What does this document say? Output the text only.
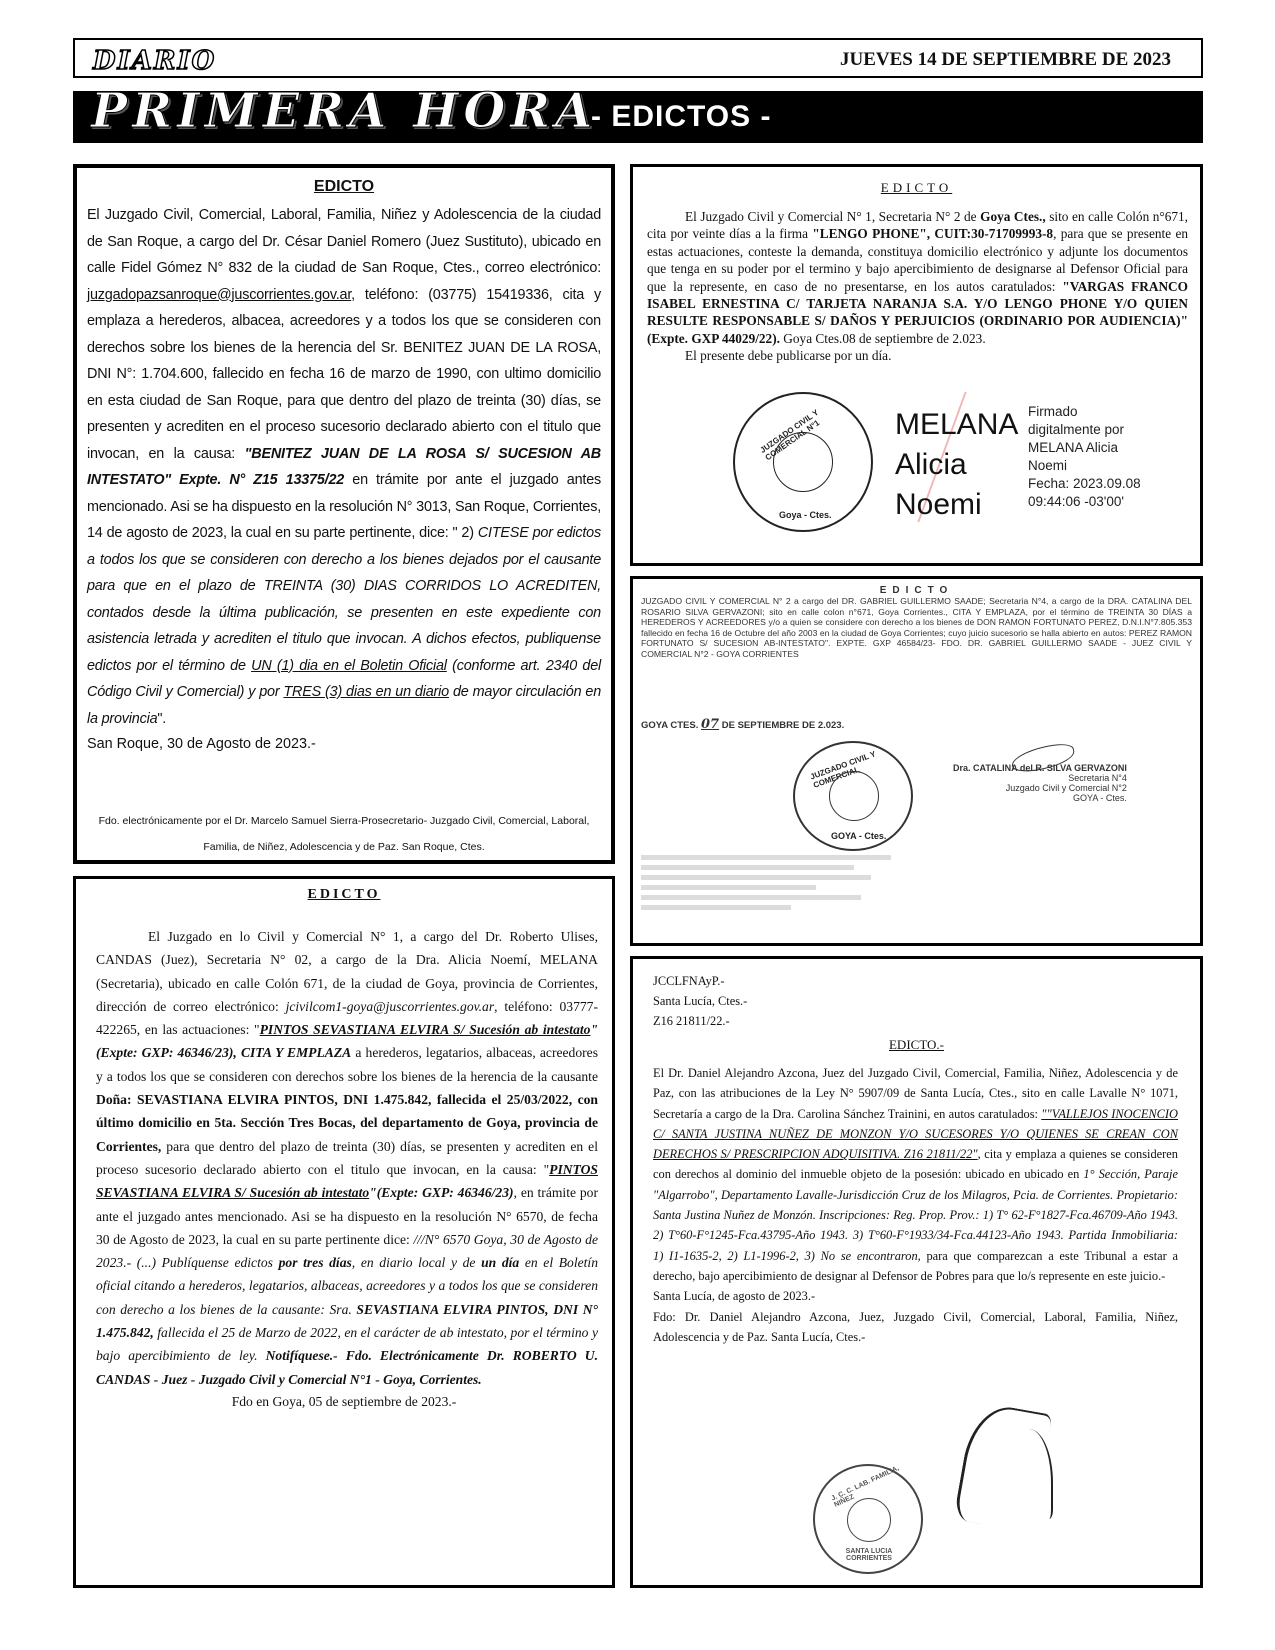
DIARIO	JUEVES 14 DE SEPTIEMBRE DE 2023
PRIMERA HORA
- EDICTOS -
EDICTO
El Juzgado Civil, Comercial, Laboral, Familia, Niñez y Adolescencia de la ciudad de San Roque, a cargo del Dr. César Daniel Romero (Juez Sustituto), ubicado en calle Fidel Gómez N° 832 de la ciudad de San Roque, Ctes., correo electrónico: juzgadopazsanroque@juscorrientes.gov.ar, teléfono: (03775) 15419336, cita y emplaza a herederos, albacea, acreedores y a todos los que se consideren con derechos sobre los bienes de la herencia del Sr. BENITEZ JUAN DE LA ROSA, DNI N°: 1.704.600, fallecido en fecha 16 de marzo de 1990, con ultimo domicilio en esta ciudad de San Roque, para que dentro del plazo de treinta (30) días, se presenten y acrediten en el proceso sucesorio declarado abierto con el titulo que invocan, en la causa: "BENITEZ JUAN DE LA ROSA S/ SUCESION AB INTESTATO" Expte. N° Z15 13375/22 en trámite por ante el juzgado antes mencionado. Asi se ha dispuesto en la resolución N° 3013, San Roque, Corrientes, 14 de agosto de 2023, la cual en su parte pertinente, dice: " 2) CITESE por edictos a todos los que se consideren con derecho a los bienes dejados por el causante para que en el plazo de TREINTA (30) DIAS CORRIDOS LO ACREDITEN, contados desde la última publicación, se presenten en este expediente con asistencia letrada y acrediten el titulo que invocan. A dichos efectos, publiquense edictos por el término de UN (1) dia en el Boletin Oficial (conforme art. 2340 del Código Civil y Comercial) y por TRES (3) dias en un diario de mayor circulación en la provincia".
San Roque, 30 de Agosto de 2023.-
Fdo. electrónicamente por el Dr. Marcelo Samuel Sierra-Prosecretario- Juzgado Civil, Comercial, Laboral, Familia, de Niñez, Adolescencia y de Paz. San Roque, Ctes.
EDICTO
El Juzgado en lo Civil y Comercial N° 1, a cargo del Dr. Roberto Ulises, CANDAS (Juez), Secretaria N° 02, a cargo de la Dra. Alicia Noemí, MELANA (Secretaria), ubicado en calle Colón 671, de la ciudad de Goya, provincia de Corrientes, dirección de correo electrónico: jcivilcom1-goya@juscorrientes.gov.ar, teléfono: 03777-422265, en las actuaciones: "PINTOS SEVASTIANA ELVIRA S/ Sucesión ab intestato" (Expte: GXP: 46346/23), CITA Y EMPLAZA a herederos, legatarios, albaceas, acreedores y a todos los que se consideren con derechos sobre los bienes de la herencia de la causante Doña: SEVASTIANA ELVIRA PINTOS, DNI 1.475.842, fallecida el 25/03/2022, con último domicilio en 5ta. Sección Tres Bocas, del departamento de Goya, provincia de Corrientes, para que dentro del plazo de treinta (30) días, se presenten y acrediten en el proceso sucesorio declarado abierto con el titulo que invocan, en la causa: "PINTOS SEVASTIANA ELVIRA S/ Sucesión ab intestato"(Expte: GXP: 46346/23), en trámite por ante el juzgado antes mencionado. Asi se ha dispuesto en la resolución N° 6570, de fecha 30 de Agosto de 2023, la cual en su parte pertinente dice: ///N° 6570 Goya, 30 de Agosto de 2023.- (...) Publíquense edictos por tres días, en diario local y de un día en el Boletín oficial citando a herederos, legatarios, albaceas, acreedores y a todos los que se consideren con derecho a los bienes de la causante: Sra. SEVASTIANA ELVIRA PINTOS, DNI N° 1.475.842, fallecida el 25 de Marzo de 2022, en el carácter de ab intestato, por el término y bajo apercibimiento de ley. Notifíquese.- Fdo. Electrónicamente Dr. ROBERTO U. CANDAS - Juez - Juzgado Civil y Comercial N°1 - Goya, Corrientes.
Fdo en Goya, 05 de septiembre de 2023.-
EDICTO
El Juzgado Civil y Comercial N° 1, Secretaria N° 2 de Goya Ctes., sito en calle Colón n°671, cita por veinte días a la firma "LENGO PHONE", CUIT:30-71709993-8, para que se presente en estas actuaciones, conteste la demanda, constituya domicilio electrónico y adjunte los documentos que tenga en su poder por el termino y bajo apercibimiento de designarse al Defensor Oficial para que la represente, en caso de no presentarse, en los autos caratulados: "VARGAS FRANCO ISABEL ERNESTINA C/ TARJETA NARANJA S.A. Y/O LENGO PHONE Y/O QUIEN RESULTE RESPONSABLE S/ DAÑOS Y PERJUICIOS (ORDINARIO POR AUDIENCIA)" (Expte. GXP 44029/22). Goya Ctes.08 de septiembre de 2.023.
El presente debe publicarse por un día.
JUZGADO CIVIL Y COMERCIAL N°1
Goya - Ctes.
MELANA
Alicia
Noemi
Firmado
digitalmente por
MELANA Alicia
Noemi
Fecha: 2023.09.08
09:44:06 -03'00'
EDICTO
JUZGADO CIVIL Y COMERCIAL N° 2 a cargo del DR. GABRIEL GUILLERMO SAADE; Secretaria N°4, a cargo de la DRA. CATALINA DEL ROSARIO SILVA GERVAZONI; sito en calle colon n°671, Goya Corrientes., CITA Y EMPLAZA, por el término de TREINTA 30 DÍAS a HEREDEROS Y ACREEDORES y/o a quien se considere con derecho a los bienes de DON RAMON FORTUNATO PEREZ, D.N.I.N°7.805.353 fallecido en fecha 16 de Octubre del año 2003 en la ciudad de Goya Corrientes; cuyo juicio sucesorio se halla abierto en autos: PEREZ RAMON FORTUNATO S/ SUCESION AB-INTESTATO". EXPTE. GXP 46584/23- FDO. DR. GABRIEL GUILLERMO SAADE - JUEZ CIVIL Y COMERCIAL N°2 - GOYA CORRIENTES
GOYA CTES. 07 DE SEPTIEMBRE DE 2.023.
JUZGADO CIVIL Y COMERCIAL
GOYA - Ctes.
Dra. CATALINA del R. SILVA GERVAZONI
Secretaria N°4
Juzgado Civil y Comercial N°2
GOYA - Ctes.
JCCLFNAyP.-
Santa Lucía, Ctes.-
Z16 21811/22.-
EDICTO.-
El Dr. Daniel Alejandro Azcona, Juez del Juzgado Civil, Comercial, Familia, Niñez, Adolescencia y de Paz, con las atribuciones de la Ley N° 5907/09 de Santa Lucía, Ctes., sito en calle Lavalle N° 1071, Secretaría a cargo de la Dra. Carolina Sánchez Trainini, en autos caratulados: ""VALLEJOS INOCENCIO C/ SANTA JUSTINA NUÑEZ DE MONZON Y/O SUCESORES Y/O QUIENES SE CREAN CON DERECHOS S/ PRESCRIPCION ADQUISITIVA. Z16 21811/22", cita y emplaza a quienes se consideren con derechos al dominio del inmueble objeto de la posesión: ubicado en ubicado en 1° Sección, Paraje "Algarrobo", Departamento Lavalle-Jurisdicción Cruz de los Milagros, Pcia. de Corrientes. Propietario: Santa Justina Nuñez de Monzón. Inscripciones: Reg. Prop. Prov.: 1) T° 62-F°1827-Fca.46709-Año 1943. 2) T°60-F°1245-Fca.43795-Año 1943. 3) T°60-F°1933/34-Fca.44123-Año 1943. Partida Inmobiliaria: 1) I1-1635-2, 2) L1-1996-2, 3) No se encontraron, para que comparezcan a este Tribunal a estar a derecho, bajo apercibimiento de designar al Defensor de Pobres para que lo/s represente en este juicio.-
Santa Lucía, de agosto de 2023.-
Fdo: Dr. Daniel Alejandro Azcona, Juez, Juzgado Civil, Comercial, Laboral, Familia, Niñez, Adolescencia y de Paz. Santa Lucía, Ctes.-
J. C. C. LAB. FAMILIA, NIÑEZ
SANTA LUCIA CORRIENTES
